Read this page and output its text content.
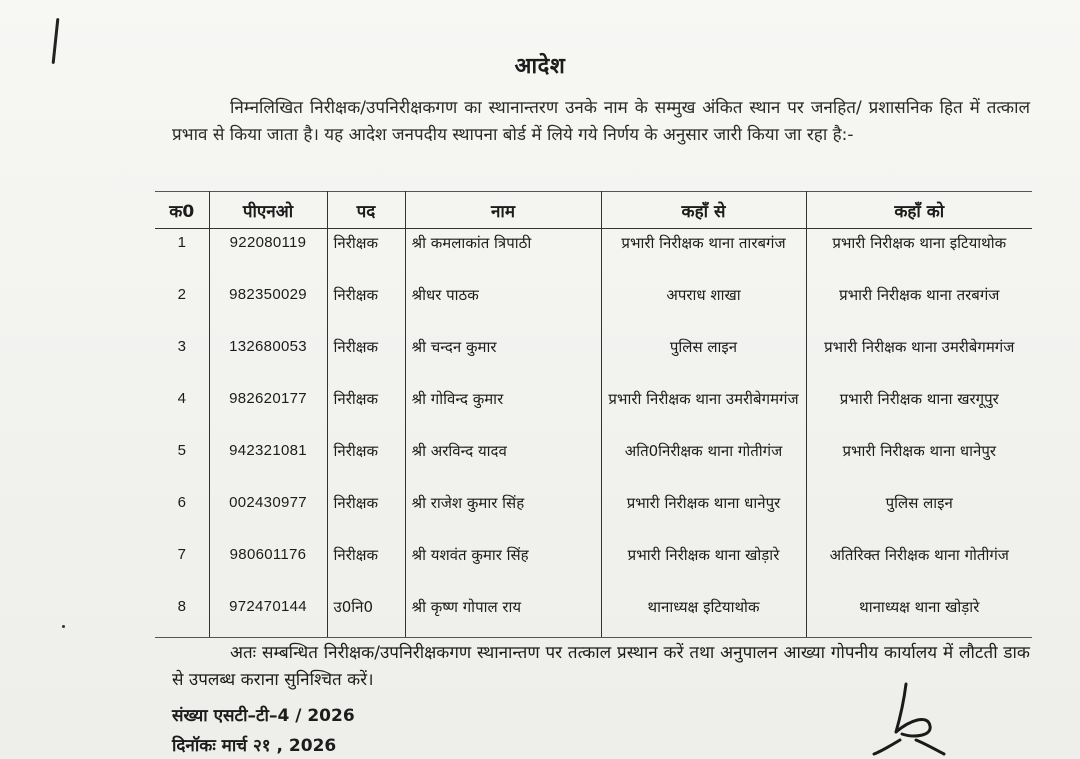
आदेश
निम्नलिखित निरीक्षक/उपनिरीक्षकगण का स्थानान्तरण उनके नाम के सम्मुख अंकित स्थान पर जनहित/ प्रशासनिक हित में तत्काल प्रभाव से किया जाता है। यह आदेश जनपदीय स्थापना बोर्ड में लिये गये निर्णय के अनुसार जारी किया जा रहा है:-
क0	पीएनओ	पद	नाम	कहॉं से	कहॉं को
1	922080119	निरीक्षक	श्री कमलाकांत त्रिपाठी	प्रभारी निरीक्षक थाना तारबगंज	प्रभारी निरीक्षक थाना इटियाथोक
2	982350029	निरीक्षक	श्रीधर पाठक	अपराध शाखा	प्रभारी निरीक्षक थाना तरबगंज
3	132680053	निरीक्षक	श्री चन्दन कुमार	पुलिस लाइन	प्रभारी निरीक्षक थाना उमरीबेगमगंज
4	982620177	निरीक्षक	श्री गोविन्द कुमार	प्रभारी निरीक्षक थाना उमरीबेगमगंज	प्रभारी निरीक्षक थाना खरगूपुर
5	942321081	निरीक्षक	श्री अरविन्द यादव	अति0निरीक्षक थाना गोतीगंज	प्रभारी निरीक्षक थाना धानेपुर
6	002430977	निरीक्षक	श्री राजेश कुमार सिंह	प्रभारी निरीक्षक थाना धानेपुर	पुलिस लाइन
7	980601176	निरीक्षक	श्री यशवंत कुमार सिंह	प्रभारी निरीक्षक थाना खोड़ारे	अतिरिक्त निरीक्षक थाना गोतीगंज
8	972470144	उ0नि0	श्री कृष्ण गोपाल राय	थानाध्यक्ष इटियाथोक	थानाध्यक्ष थाना खोड़ारे
अतः सम्बन्धित निरीक्षक/उपनिरीक्षकगण स्थानान्तण पर तत्काल प्रस्थान करें तथा अनुपालन आख्या गोपनीय कार्यालय में लौटती डाक से उपलब्ध कराना सुनिश्चित करें।
संख्या एसटी–टी–4 / 2026
दिनॉकः मार्च २१ , 2026
